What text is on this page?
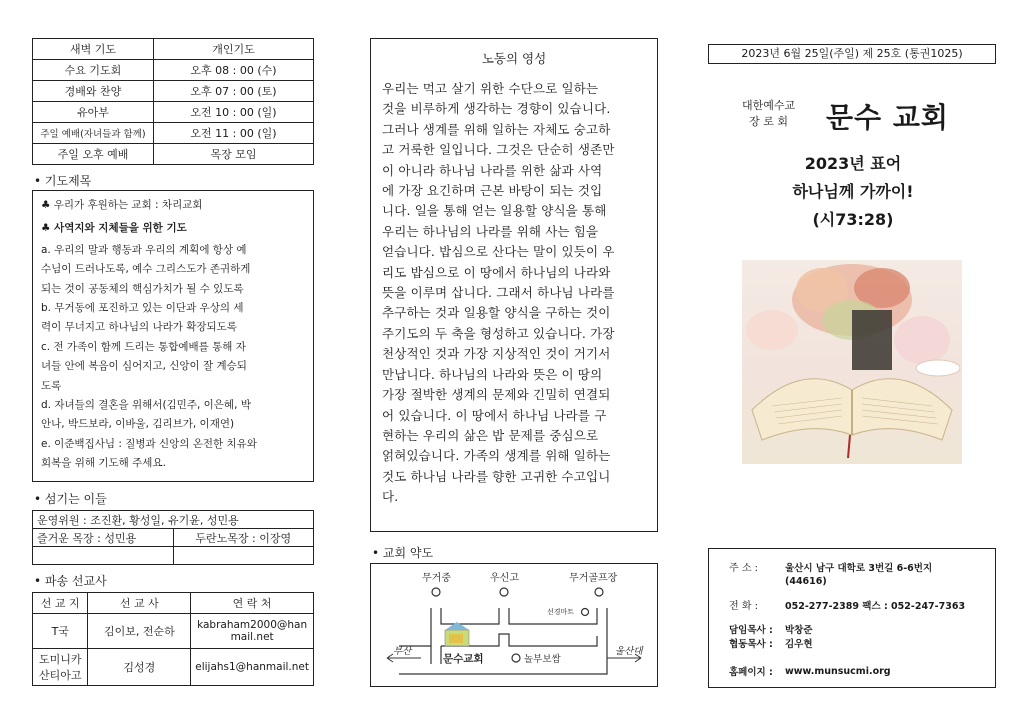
새벽 기도	개인기도
수요 기도회	오후 08 : 00 (수)
경배와 찬양	오후 07 : 00 (토)
유아부	오전 10 : 00 (일)
주일 예배(자녀들과 함께)	오전 11 : 00 (일)
주일 오후 예배	목장 모임
• 기도제목

♣ 우리가 후원하는 교회 : 차리교회

♣ 사역지와 지체들을 위한 기도

a. 우리의 말과 행동과 우리의 계획에 항상 예

수님이 드러나도록, 예수 그리스도가 존귀하게

되는 것이 공동체의 핵심가치가 될 수 있도록

b. 무거동에 포진하고 있는 이단과 우상의 세

력이 무너지고 하나님의 나라가 확장되도록

c. 전 가족이 함께 드리는 통합예배를 통해 자

녀들 안에 복음이 심어지고, 신앙이 잘 계승되

도록

d. 자녀들의 결혼을 위해서(김민주, 이은혜, 박

안나, 박드보라, 이바울, 김리브가, 이재연)

e. 이준백집사님 : 질병과 신앙의 온전한 치유와

회복을 위해 기도해 주세요.

• 섬기는 이들
운영위원 : 조진환, 황성일, 유기윤, 성민용	
즐거운 목장 : 성민용	두란노목장 : 이장영

• 파송 선교사
선 교 지	선 교 사	연 락 처
T국	김이보, 전순하	kabraham2000@hanmail.net
도미니카 산티아고	김성경	elijahs1@hanmail.net
노동의 영성
우리는 먹고 살기 위한 수단으로 일하는
것을 비루하게 생각하는 경향이 있습니다.
그러나 생계를 위해 일하는 자체도 숭고하
고 거룩한 일입니다. 그것은 단순히 생존만
이 아니라 하나님 나라를 위한 삶과 사역
에 가장 요긴하며 근본 바탕이 되는 것입
니다. 일을 통해 얻는 일용할 양식을 통해
우리는 하나님의 나라를 위해 사는 힘을
얻습니다. 밥심으로 산다는 말이 있듯이 우
리도 밥심으로 이 땅에서 하나님의 나라와
뜻을 이루며 삽니다. 그래서 하나님 나라를
추구하는 것과 일용할 양식을 구하는 것이
주기도의 두 축을 형성하고 있습니다. 가장
천상적인 것과 가장 지상적인 것이 거기서
만납니다. 하나님의 나라와 뜻은 이 땅의
가장 절박한 생계의 문제와 긴밀히 연결되
어 있습니다. 이 땅에서 하나님 나라를 구
현하는 우리의 삶은 밥 문제를 중심으로
얽혀있습니다. 가족의 생계를 위해 일하는
것도 하나님 나라를 향한 고귀한 수고입니
다.
• 교회 약도
무거중	우신고	무거골프장
선경마트
부산
문수교회	놀부보쌈
울산대
2023년 6월 25일(주일) 제 25호 (통권1025)
대한예수교
장 로 회 문수 교회
2023년 표어
하나님께 가까이!
(시73:28)
주 소 :	울산시 남구 대학로 3번길 6-6번지
	(44616)
전 화 :	052-277-2389 팩스 : 052-247-7363
담임목사 :	박창준
협동목사 :	김우현
홈페이지 :	www.munsucmi.org
